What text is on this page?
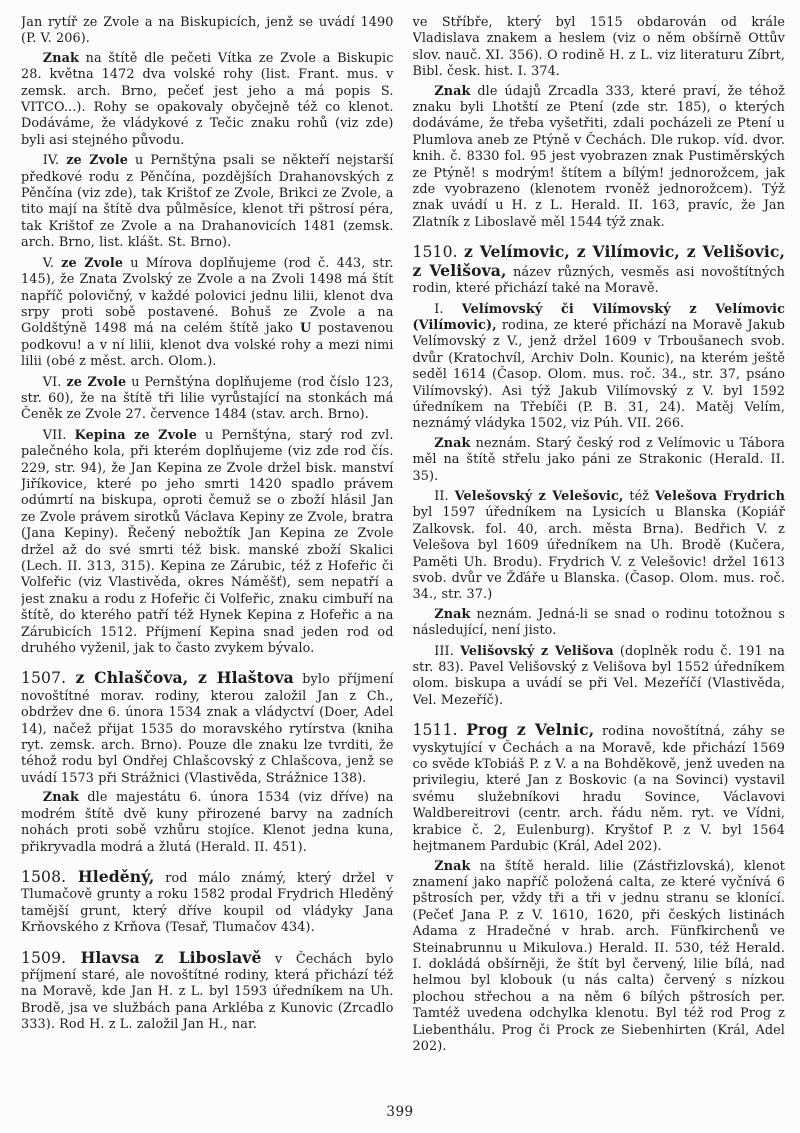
Jan rytíř ze Zvole a na Biskupicích, jenž se uvádí 1490 (P. V. 206).

Znak na štítě dle pečeti Vítka ze Zvole a Biskupic 28. května 1472 dva volské rohy (list. Frant. mus. v zemsk. arch. Brno, pečeť jest jeho a má popis S. VITCO...). Rohy se opakovaly obyčejně též co klenot. Dodáváme, že vládykové z Tečic znaku rohů (viz zde) byli asi stejného původu.

IV. ze Zvole u Pernštýna psali se někteří nejstarší předkové rodu z Pěnčína, pozdějších Drahanovských z Pěnčína (viz zde), tak Krištof ze Zvole, Brikci ze Zvole, a tito mají na štítě dva půlměsíce, klenot tři pštrosí péra, tak Krištof ze Zvole a na Drahanovicích 1481 (zemsk. arch. Brno, list. klášt. St. Brno).

V. ze Zvole u Mírova doplňujeme (rod č. 443, str. 145), že Znata Zvolský ze Zvole a na Zvoli 1498 má štít napříč polovičný, v každé polovici jednu lilii, klenot dva srpy proti sobě postavené. Bohuš ze Zvole a na Goldštýně 1498 má na celém štítě jako U postavenou podkovu! a v ní lilii, klenot dva volské rohy a mezi nimi lilii (obé z měst. arch. Olom.).

VI. ze Zvole u Pernštýna doplňujeme (rod číslo 123, str. 60), že na štítě tři lilie vyrůstající na stonkách má Čeněk ze Zvole 27. července 1484 (stav. arch. Brno).

VII. Kepina ze Zvole u Pernštýna, starý rod zvl. palečného kola, při kterém doplňujeme (viz zde rod čís. 229, str. 94), že Jan Kepina ze Zvole držel bisk. manství Jiříkovice, které po jeho smrti 1420 spadlo právem odúmrtí na biskupa, oproti čemuž se o zboží hlásil Jan ze Zvole právem sirotků Václava Kepiny ze Zvole, bratra (Jana Kepiny). Řečený nebožtík Jan Kepina ze Zvole držel až do své smrti též bisk. manské zboží Skalici (Lech. II. 313, 315). Kepina ze Zárubic, též z Hofeřic či Volfeřic (viz Vlastivěda, okres Náměšť), sem nepatří a jest znaku a rodu z Hofeřic či Volfeřic, znaku cimbuří na štítě, do kterého patří též Hynek Kepina z Hofeřic a na Zárubicích 1512. Příjmení Kepina snad jeden rod od druhého vyženil, jak to často zvykem bývalo.

1507. z Chlaščova, z Hlaštova bylo příjmení novoštítné morav. rodiny, kterou založil Jan z Ch., obdržev dne 6. února 1534 znak a vládyctví (Doer, Adel 14), načež přijat 1535 do moravského rytírstva (kniha ryt. zemsk. arch. Brno). Pouze dle znaku lze tvrditi, že téhož rodu byl Ondřej Chlašcovský z Chlašcova, jenž se uvádí 1573 při Strážnici (Vlastivěda, Strážnice 138).

Znak dle majestátu 6. února 1534 (viz dříve) na modrém štítě dvě kuny přirozené barvy na zadních nohách proti sobě vzhůru stojíce. Klenot jedna kuna, přikryvadla modrá a žlutá (Herald. II. 451).

1508. Hleděný, rod málo známý, který držel v Tlumačově grunty a roku 1582 prodal Frydrich Hleděný tamější grunt, který dříve koupil od vládyky Jana Krňovského z Krňova (Tesař, Tlumačov 434).

1509. Hlavsa z Liboslavě v Čechách bylo příjmení staré, ale novoštítné rodiny, která přichází též na Moravě, kde Jan H. z L. byl 1593 úředníkem na Uh. Brodě, jsa ve službách pana Arkléba z Kunovic (Zrcadlo 333). Rod H. z L. založil Jan H., nar.

ve Stříbře, který byl 1515 obdarován od krále Vladislava znakem a heslem (viz o něm obšírně Ottův slov. nauč. XI. 356). O rodině H. z L. viz literaturu Zíbrt, Bibl. česk. hist. I. 374.

Znak dle údajů Zrcadla 333, které praví, že téhož znaku byli Lhotští ze Ptení (zde str. 185), o kterých dodáváme, že třeba vyšetřiti, zdali pocházeli ze Ptení u Plumlova aneb ze Ptýně v Čechách. Dle rukop. víd. dvor. knih. č. 8330 fol. 95 jest vyobrazen znak Pustiměrských ze Ptýně! s modrým! štítem a bílým! jednorožcem, jak zde vyobrazeno (klenotem rvoněž jednorožcem). Týž znak uvádí u H. z L. Herald. II. 163, pravíc, že Jan Zlatník z Liboslavě měl 1544 týž znak.

1510. z Velímovic, z Vilímovic, z Velišovic, z Velišova, název různých, vesměs asi novoštítných rodin, které přichází také na Moravě.

I. Velímovský či Vilímovský z Velímovic (Vilímovic), rodina, ze které přichází na Moravě Jakub Velímovský z V., jenž držel 1609 v Trboušanech svob. dvůr (Kratochvíl, Archiv Doln. Kounic), na kterém ještě seděl 1614 (Časop. Olom. mus. roč. 34., str. 37, psáno Vilímovský). Asi týž Jakub Vilímovský z V. byl 1592 úředníkem na Třebíči (P. B. 31, 24). Matěj Velím, neznámý vládyka 1502, viz Púh. VII. 266.

Znak neznám. Starý český rod z Velímovic u Tábora měl na štítě střelu jako páni ze Strakonic (Herald. II. 35).

II. Velešovský z Velešovic, též Velešova Frydrich byl 1597 úředníkem na Lysicích u Blanska (Kopiář Zalkovsk. fol. 40, arch. města Brna). Bedřich V. z Velešova byl 1609 úředníkem na Uh. Brodě (Kučera, Paměti Uh. Brodu). Frydrich V. z Velešovic! držel 1613 svob. dvůr ve Žďáře u Blanska. (Časop. Olom. mus. roč. 34., str. 37.)

Znak neznám. Jedná-li se snad o rodinu totožnou s následující, není jisto.

III. Velišovský z Velišova (doplněk rodu č. 191 na str. 83). Pavel Velišovský z Velišova byl 1552 úředníkem olom. biskupa a uvádí se při Vel. Mezeříčí (Vlastivěda, Vel. Mezeříč).

1511. Prog z Velnic, rodina novoštítná, záhy se vyskytující v Čechách a na Moravě, kde přichází 1569 co svěde kTobiáš P. z V. a na Bohděkově, jenž uveden na privilegiu, které Jan z Boskovic (a na Sovinci) vystavil svému služebníkovi hradu Sovince, Václavovi Waldbereitrovi (centr. arch. řádu něm. ryt. ve Vídni, krabice č. 2, Eulenburg). Kryštof P. z V. byl 1564 hejtmanem Pardubic (Král, Adel 202).

Znak na štítě herald. lilie (Zástřizlovská), klenot znamení jako napříč položená calta, ze které vyčnívá 6 pštrosích per, vždy tři a tři v jednu stranu se klonící. (Pečeť Jana P. z V. 1610, 1620, při českých listinách Adama z Hradečné v hrab. arch. Fünfkirchenů ve Steinabrunnu u Mikulova.) Herald. II. 530, též Herald. I. dokládá obšírněji, že štít byl červený, lilie bílá, nad helmou byl klobouk (u nás calta) červený s nízkou plochou střechou a na něm 6 bílých pštrosích per. Tamtéž uvedena odchylka klenotu. Byl též rod Prog z Liebenthálu. Prog či Prock ze Siebenhirten (Král, Adel 202).

399
